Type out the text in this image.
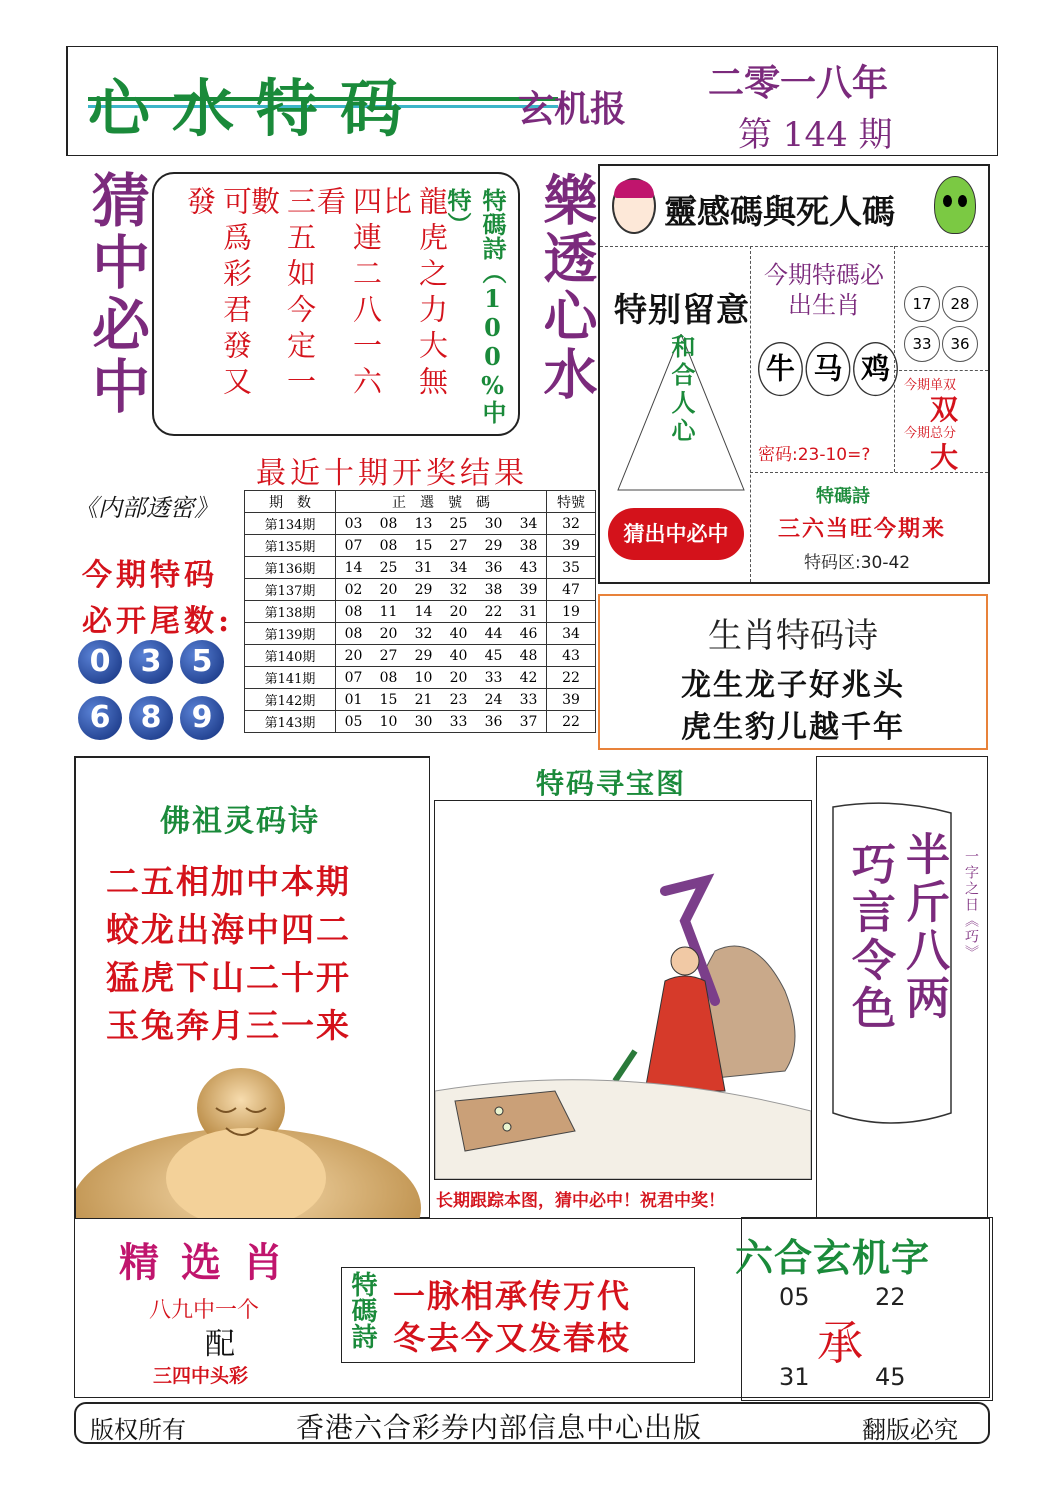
心水特码	玄机报
二零一八年
第 144 期
猜中必中	可爲彩君發又發	三五如今定一數	四連二八一六看	龍虎之力大無比	特碼詩（100%中特）	樂透心水 靈感碼與死人碼
特别留意
和合人心
猜出中必中
今期特碼必出生肖
牛 马 鸡
密码:23-10=?
17	28
33	36
今期单双
双
今期总分
大
特碼詩
三六当旺今期来
特码区:30-42
最近十期开奖结果
《内部透密》
今期特码
必开尾数:
0 3 5
6 8 9
期　数	正　選　號　碼						特號
第134期	03	08	13	25	30	34	32
第135期	07	08	15	27	29	38	39
第136期	14	25	31	34	36	43	35
第137期	02	20	29	32	38	39	47
第138期	08	11	14	20	22	31	19
第139期	08	20	32	40	44	46	34
第140期	20	27	29	40	45	48	43
第141期	07	08	10	20	33	42	22
第142期	01	15	21	23	24	33	39
第143期	05	10	30	33	36	37	22
生肖特码诗
龙生龙子好兆头
虎生豹儿越千年
佛祖灵码诗
二五相加中本期
蛟龙出海中四二
猛虎下山二十开
玉兔奔月三一来
特码寻宝图
长期跟踪本图，猜中必中！祝君中奖！
半斤八两
巧言令色	一字之日《巧》
精选肖
八九中一个
配
三四中头彩
特碼詩 一脉相承传万代
冬去今又发春枝
六合玄机字
05	22
承
31	45
版权所有	香港六合彩券内部信息中心出版	翻版必究
